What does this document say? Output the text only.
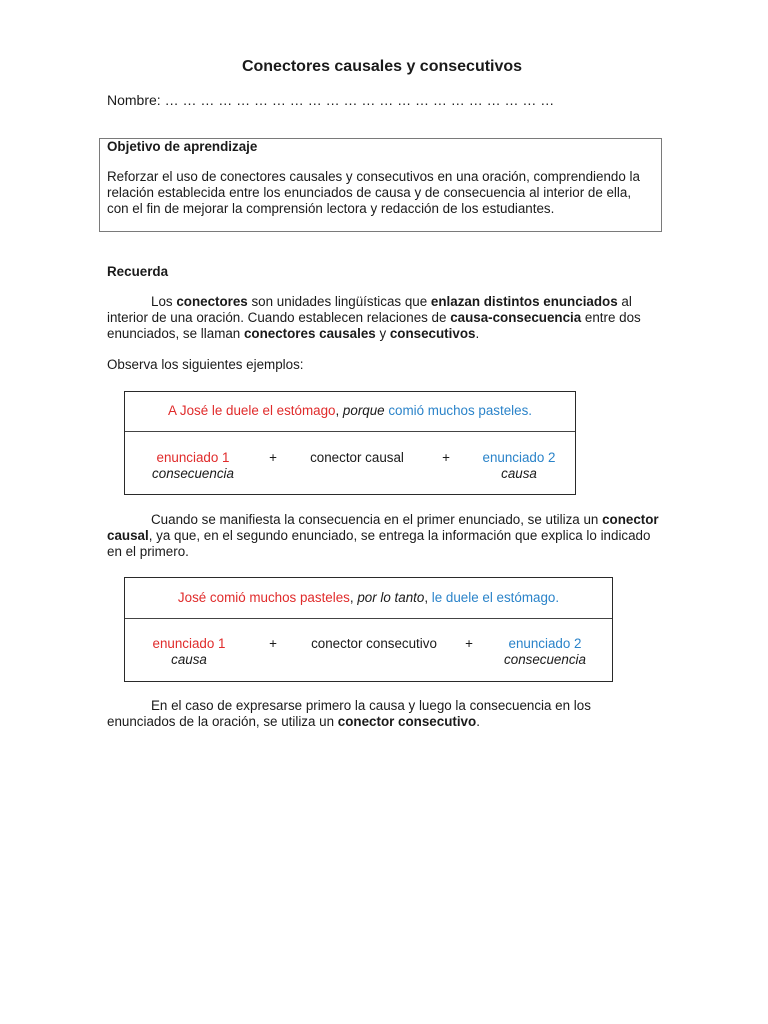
Conectores causales y consecutivos
Nombre: … … … … … … … … … … … … … … … … … … … … … …
Objetivo de aprendizaje
Reforzar el uso de conectores causales y consecutivos en una oración, comprendiendo la relación establecida entre los enunciados de causa y de consecuencia al interior de ella, con el fin de mejorar la comprensión lectora y redacción de los estudiantes.
Recuerda
Los conectores son unidades lingüísticas que enlazan distintos enunciados al interior de una oración. Cuando establecen relaciones de causa-consecuencia entre dos enunciados, se llaman conectores causales y consecutivos.
Observa los siguientes ejemplos:
A José le duele el estómago, porque comió muchos pasteles.
enunciado 1
consecuencia
+	conector causal	+	enunciado 2
causa
Cuando se manifiesta la consecuencia en el primer enunciado, se utiliza un conector causal, ya que, en el segundo enunciado, se entrega la información que explica lo indicado en el primero.
José comió muchos pasteles, por lo tanto, le duele el estómago.
enunciado 1
causa
+	conector consecutivo	+	enunciado 2
consecuencia
En el caso de expresarse primero la causa y luego la consecuencia en los enunciados de la oración, se utiliza un conector consecutivo.
